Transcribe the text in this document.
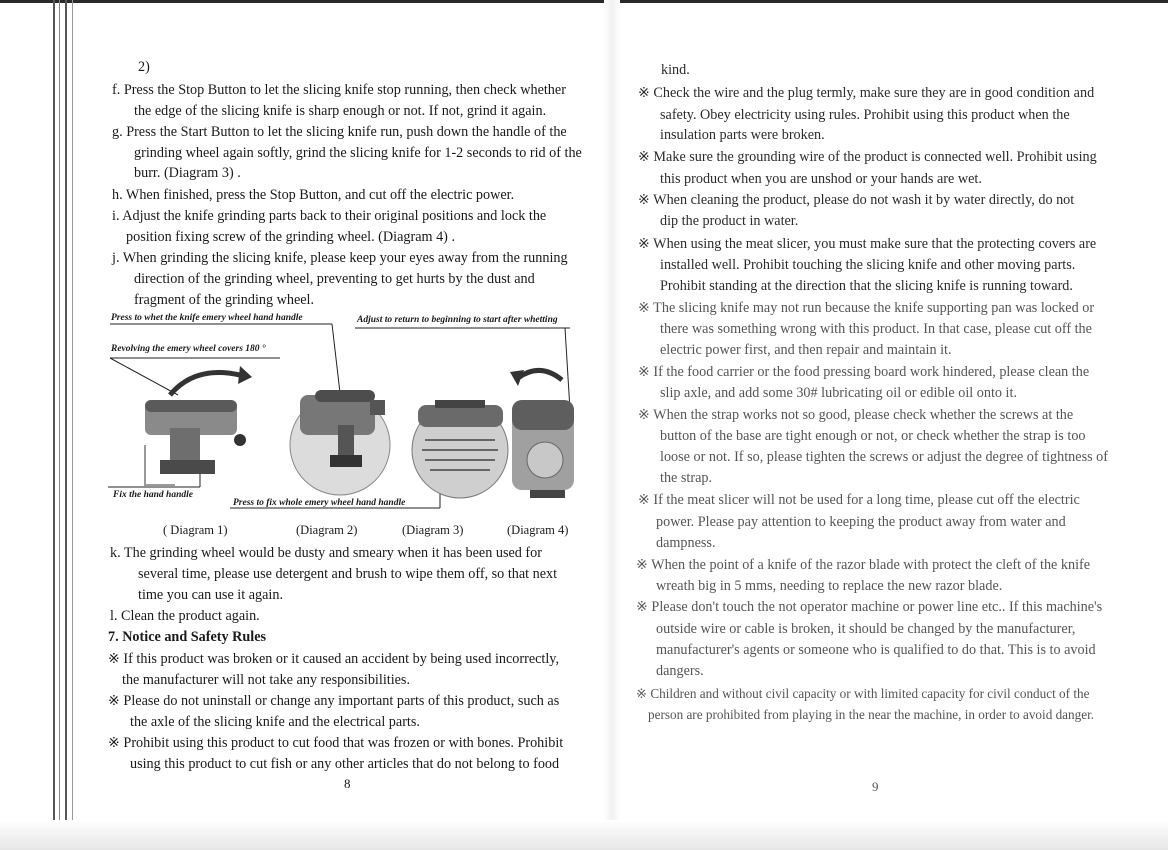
2)
f. Press the Stop Button to let the slicing knife stop running, then check whether
the edge of the slicing knife is sharp enough or not. If not, grind it again.
g. Press the Start Button to let the slicing knife run, push down the handle of the
grinding wheel again softly, grind the slicing knife for 1-2 seconds to rid of the
burr. (Diagram 3) .
h. When finished, press the Stop Button, and cut off the electric power.
i. Adjust the knife grinding parts back to their original positions and lock the
position fixing screw of the grinding wheel. (Diagram 4) .
j. When grinding the slicing knife, please keep your eyes away from the running
direction of the grinding wheel, preventing to get hurts by the dust and
fragment of the grinding wheel.
Press to whet the knife emery wheel hand handle	Adjust to return to beginning to start after whetting
Revolving the emery wheel covers 180 °
Fix the hand handle
Press to fix whole emery wheel hand handle
( Diagram 1)	(Diagram 2)	(Diagram 3)	(Diagram 4)
k. The grinding wheel would be dusty and smeary when it has been used for
several time, please use detergent and brush to wipe them off, so that next
time you can use it again.
l. Clean the product again.
7. Notice and Safety Rules
※ If this product was broken or it caused an accident by being used incorrectly,
the manufacturer will not take any responsibilities.
※ Please do not uninstall or change any important parts of this product, such as
the axle of the slicing knife and the electrical parts.
※ Prohibit using this product to cut food that was frozen or with bones. Prohibit
using this product to cut fish or any other articles that do not belong to food
8
kind.
※ Check the wire and the plug termly, make sure they are in good condition and
safety. Obey electricity using rules. Prohibit using this product when the
insulation parts were broken.
※ Make sure the grounding wire of the product is connected well. Prohibit using
this product when you are unshod or your hands are wet.
※ When cleaning the product, please do not wash it by water directly, do not
dip the product in water.
※ When using the meat slicer, you must make sure that the protecting covers are
installed well. Prohibit touching the slicing knife and other moving parts.
Prohibit standing at the direction that the slicing knife is running toward.
※ The slicing knife may not run because the knife supporting pan was locked or
there was something wrong with this product. In that case, please cut off the
electric power first, and then repair and maintain it.
※ If the food carrier or the food pressing board work hindered, please clean the
slip axle, and add some 30# lubricating oil or edible oil onto it.
※ When the strap works not so good, please check whether the screws at the
button of the base are tight enough or not, or check whether the strap is too
loose or not. If so, please tighten the screws or adjust the degree of tightness of
the strap.
※ If the meat slicer will not be used for a long time, please cut off the electric
power. Please pay attention to keeping the product away from water and
dampness.
※ When the point of a knife of the razor blade with protect the cleft of the knife
wreath big in 5 mms, needing to replace the new razor blade.
※ Please don't touch the not operator machine or power line etc.. If this machine's
outside wire or cable is broken, it should be changed by the manufacturer,
manufacturer's agents or someone who is qualified to do that. This is to avoid
dangers.
※ Children and without civil capacity or with limited capacity for civil conduct of the
person are prohibited from playing in the near the machine, in order to avoid danger.
9
